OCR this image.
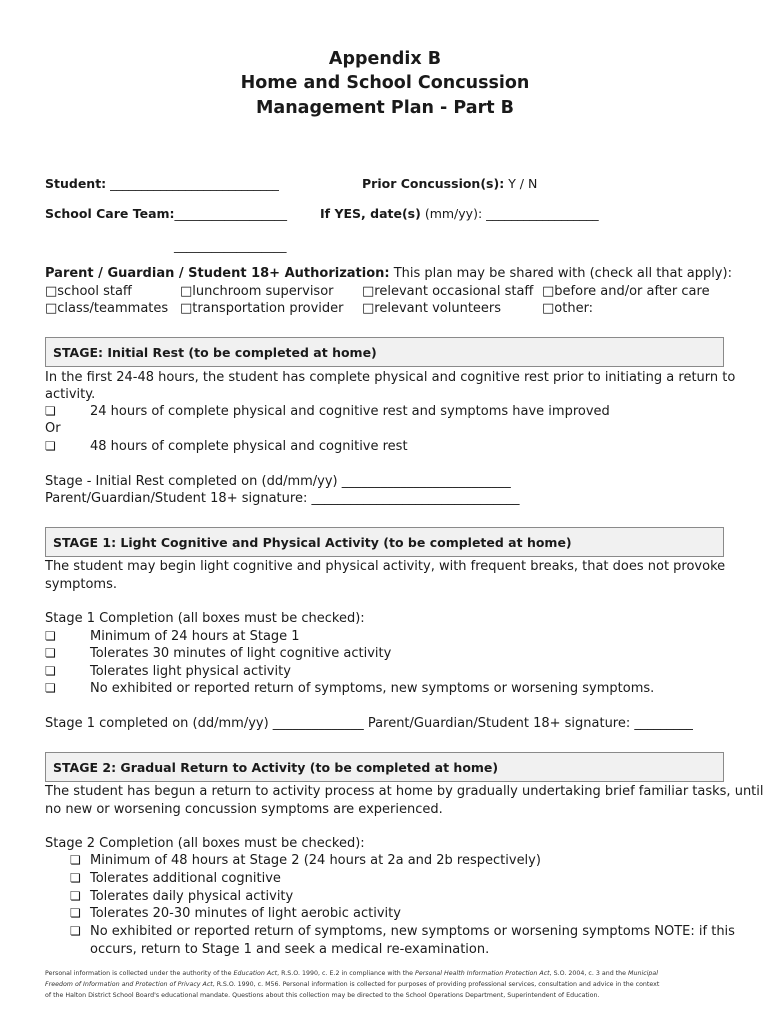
Appendix B
Home and School Concussion
Management Plan - Part B
Student: ___________________________	Prior Concussion(s): Y / N
School Care Team:__________________	If YES, date(s) (mm/yy): __________________
__________________
Parent / Guardian / Student 18+ Authorization: This plan may be shared with (check all that apply):
□school staff	□lunchroom supervisor □relevant occasional staff □before and/or after care
□class/teammates □transportation provider □relevant volunteers	□other:
STAGE: Initial Rest (to be completed at home)
In the first 24-48 hours, the student has complete physical and cognitive rest prior to initiating a return to
activity.
❏	24 hours of complete physical and cognitive rest and symptoms have improved
Or
❏	48 hours of complete physical and cognitive rest
Stage - Initial Rest completed on (dd/mm/yy) __________________________
Parent/Guardian/Student 18+ signature: ________________________________
STAGE 1: Light Cognitive and Physical Activity (to be completed at home)
The student may begin light cognitive and physical activity, with frequent breaks, that does not provoke
symptoms.
Stage 1 Completion (all boxes must be checked):
❏	Minimum of 24 hours at Stage 1
❏	Tolerates 30 minutes of light cognitive activity
❏	Tolerates light physical activity
❏	No exhibited or reported return of symptoms, new symptoms or worsening symptoms.
Stage 1 completed on (dd/mm/yy) ______________ Parent/Guardian/Student 18+ signature: _________
STAGE 2: Gradual Return to Activity (to be completed at home)
The student has begun a return to activity process at home by gradually undertaking brief familiar tasks, until
no new or worsening concussion symptoms are experienced.
Stage 2 Completion (all boxes must be checked):
❏ Minimum of 48 hours at Stage 2 (24 hours at 2a and 2b respectively)
❏ Tolerates additional cognitive
❏ Tolerates daily physical activity
❏ Tolerates 20-30 minutes of light aerobic activity
❏ No exhibited or reported return of symptoms, new symptoms or worsening symptoms NOTE: if this
occurs, return to Stage 1 and seek a medical re-examination.
Personal information is collected under the authority of the Education Act, R.S.O. 1990, c. E.2 in compliance with the Personal Health Information Protection Act, S.O. 2004, c. 3 and the Municipal
Freedom of Information and Protection of Privacy Act, R.S.O. 1990, c. M56. Personal information is collected for purposes of providing professional services, consultation and advice in the context
of the Halton District School Board's educational mandate. Questions about this collection may be directed to the School Operations Department, Superintendent of Education.
